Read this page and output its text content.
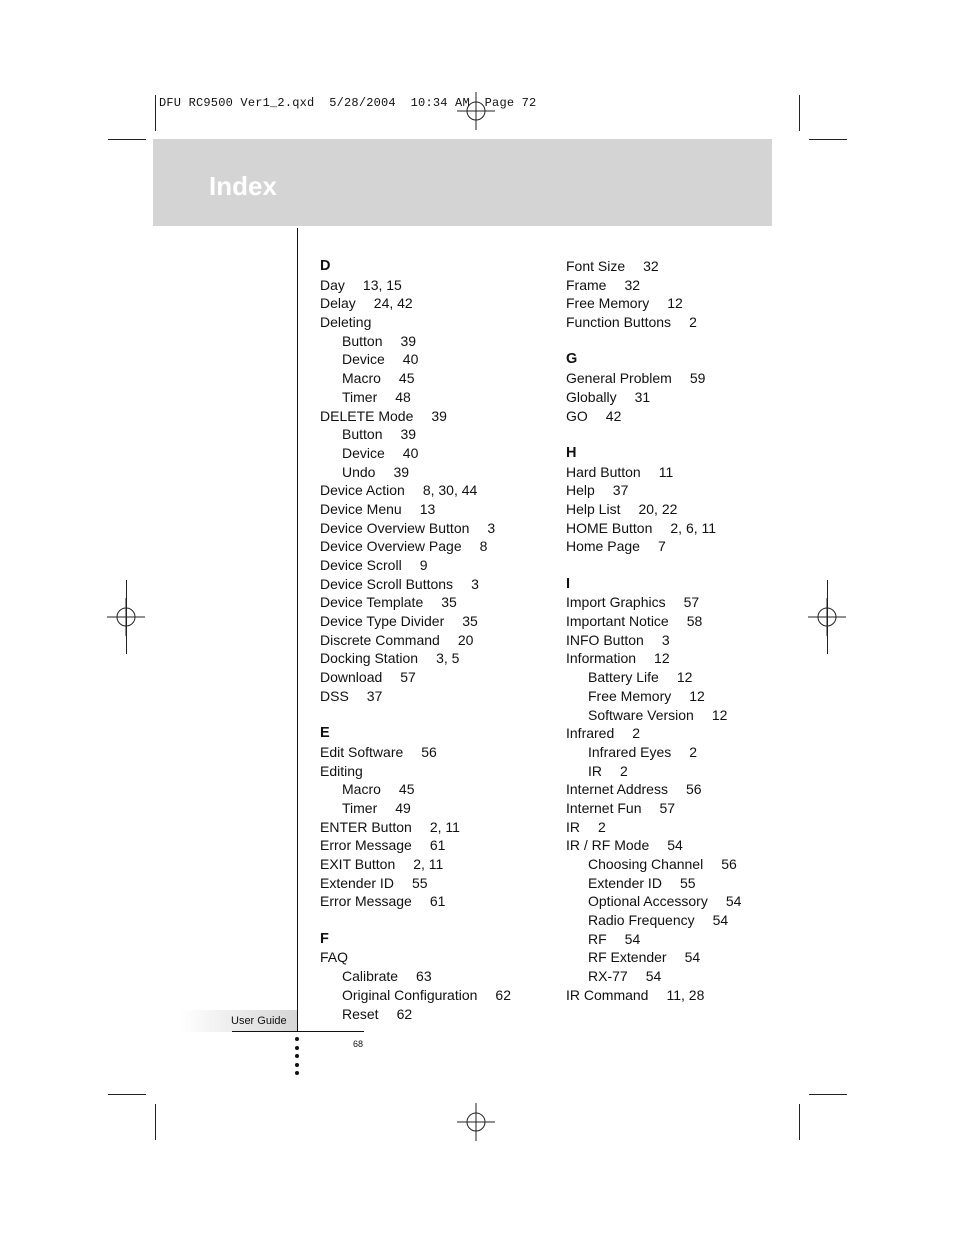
DFU RC9500 Ver1_2.qxd  5/28/2004  10:34 AM  Page 72
Index
D
Day 13, 15
Delay 24, 42
Deleting
Button 39
Device 40
Macro 45
Timer 48
DELETE Mode 39
Button 39
Device 40
Undo 39
Device Action 8, 30, 44
Device Menu 13
Device Overview Button 3
Device Overview Page 8
Device Scroll 9
Device Scroll Buttons 3
Device Template 35
Device Type Divider 35
Discrete Command 20
Docking Station 3, 5
Download 57
DSS 37
E
Edit Software 56
Editing
Macro 45
Timer 49
ENTER Button 2, 11
Error Message 61
EXIT Button 2, 11
Extender ID 55
Error Message 61
F
FAQ
Calibrate 63
Original Configuration 62
Reset 62
Font Size 32
Frame 32
Free Memory 12
Function Buttons 2
G
General Problem 59
Globally 31
GO 42
H
Hard Button 11
Help 37
Help List 20, 22
HOME Button 2, 6, 11
Home Page 7
I
Import Graphics 57
Important Notice 58
INFO Button 3
Information 12
Battery Life 12
Free Memory 12
Software Version 12
Infrared 2
Infrared Eyes 2
IR 2
Internet Address 56
Internet Fun 57
IR 2
IR / RF Mode 54
Choosing Channel 56
Extender ID 55
Optional Accessory 54
Radio Frequency 54
RF 54
RF Extender 54
RX-77 54
IR Command 11, 28
User Guide
68
